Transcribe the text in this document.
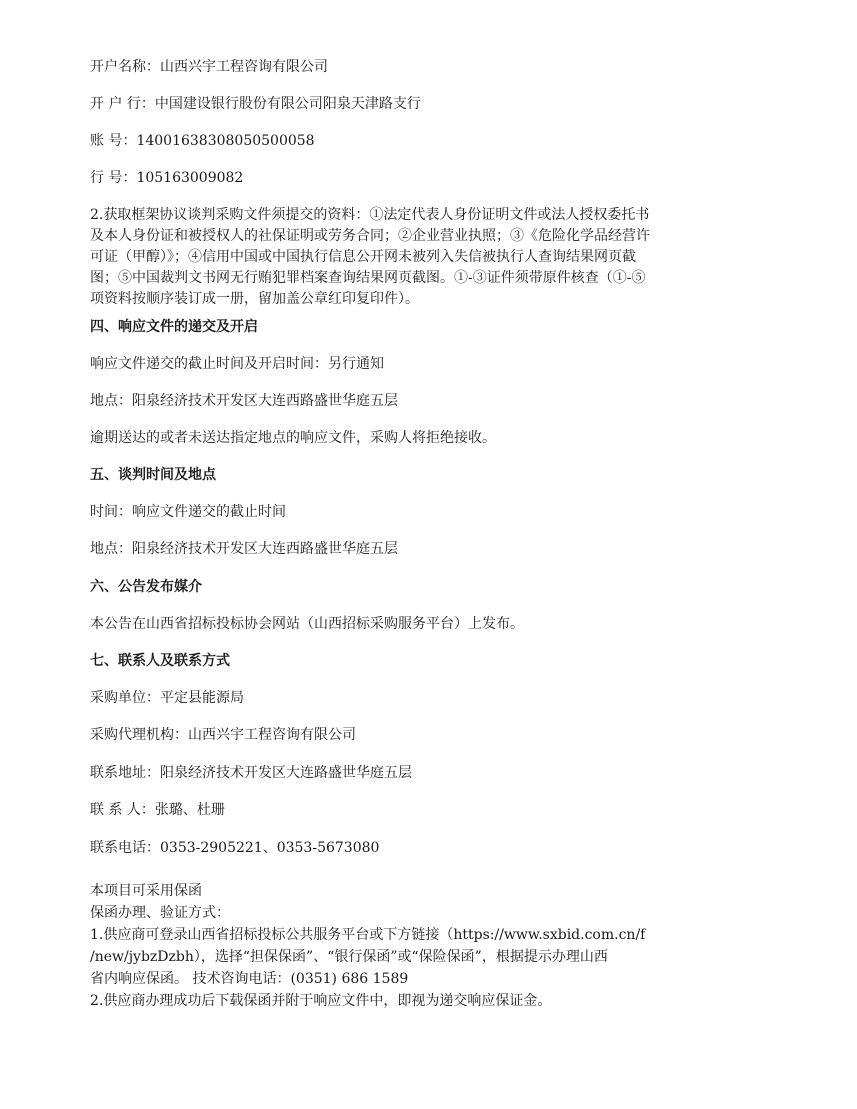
开户名称：山西兴宇工程咨询有限公司
开 户 行：中国建设银行股份有限公司阳泉天津路支行
账 号：14001638308050500058
行 号：105163009082
2.获取框架协议谈判采购文件须提交的资料：①法定代表人身份证明文件或法人授权委托书
及本人身份证和被授权人的社保证明或劳务合同；②企业营业执照；③《危险化学品经营许
可证（甲醇）》；④信用中国或中国执行信息公开网未被列入失信被执行人查询结果网页截
图；⑤中国裁判文书网无行贿犯罪档案查询结果网页截图。①-③证件须带原件核查（①-⑤
项资料按顺序装订成一册，留加盖公章红印复印件）。
四、响应文件的递交及开启
响应文件递交的截止时间及开启时间：另行通知
地点：阳泉经济技术开发区大连西路盛世华庭五层
逾期送达的或者未送达指定地点的响应文件，采购人将拒绝接收。
五、谈判时间及地点
时间：响应文件递交的截止时间
地点：阳泉经济技术开发区大连西路盛世华庭五层
六、公告发布媒介
本公告在山西省招标投标协会网站（山西招标采购服务平台）上发布。
七、联系人及联系方式
采购单位：平定县能源局
采购代理机构：山西兴宇工程咨询有限公司
联系地址：阳泉经济技术开发区大连路盛世华庭五层
联 系 人：张璐、杜珊
联系电话：0353-2905221、0353-5673080
本项目可采用保函
保函办理、验证方式：
1.供应商可登录山西省招标投标公共服务平台或下方链接（https://www.sxbid.com.cn/f
/new/jybzDzbh），选择“担保保函”、“银行保函”或“保险保函”，根据提示办理山西
省内响应保函。 技术咨询电话：(0351) 686 1589
2.供应商办理成功后下载保函并附于响应文件中，即视为递交响应保证金。
